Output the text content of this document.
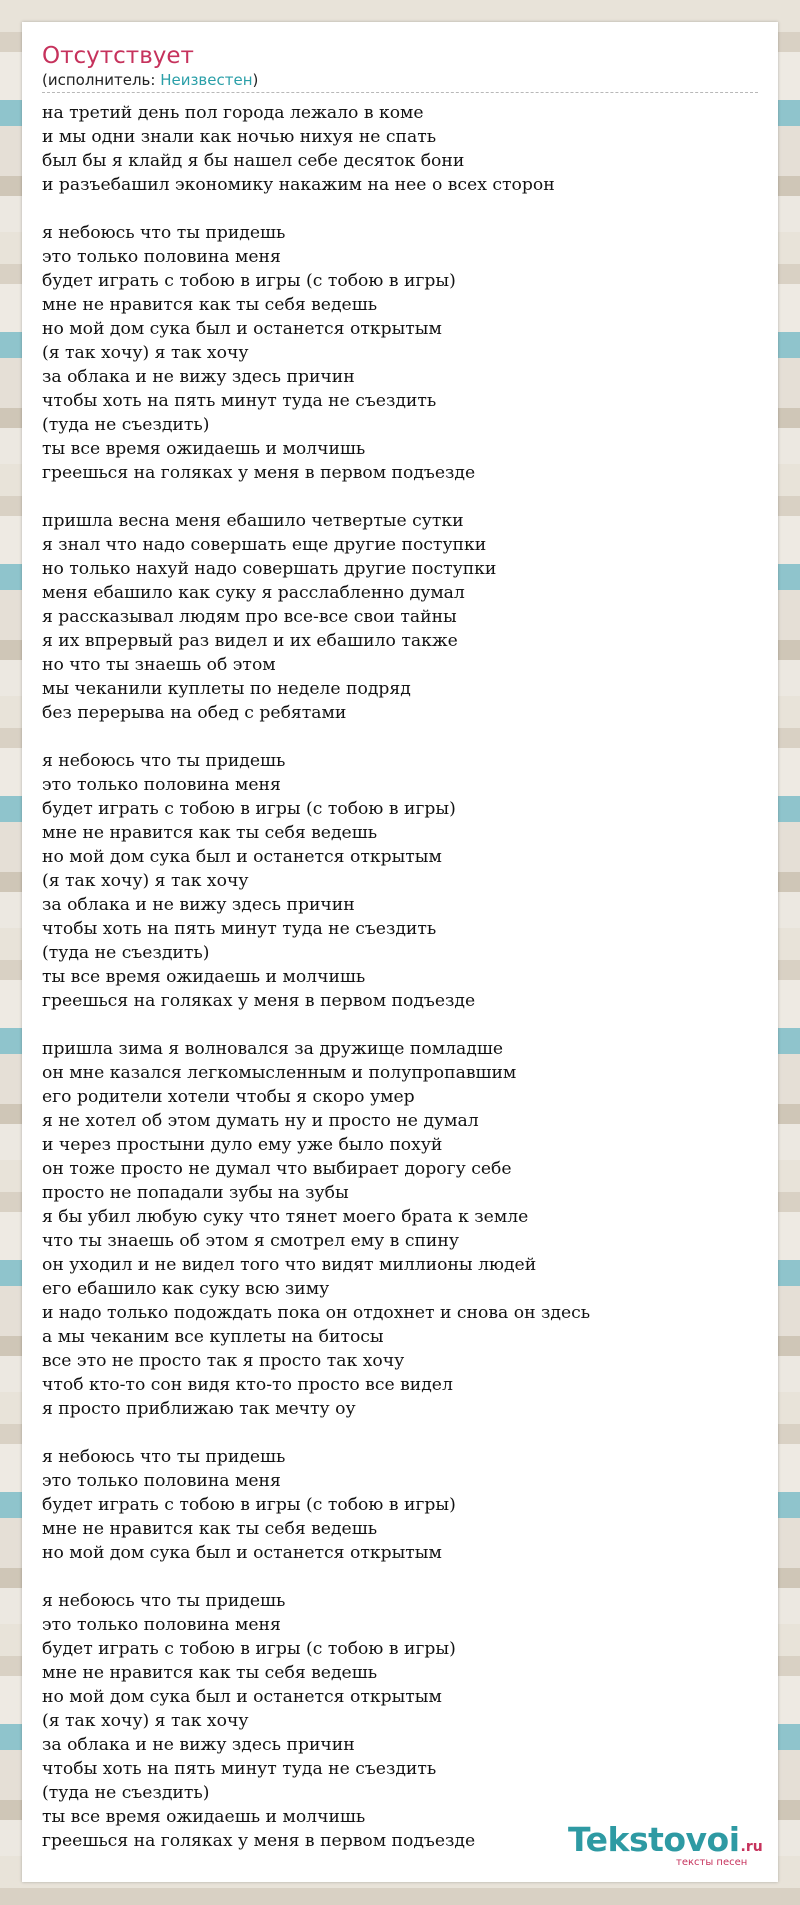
Отсутствует
(исполнитель: Неизвестен)
на третий день пол города лежало в коме
и мы одни знали как ночью нихуя не спать
был бы я клайд я бы нашел себе десяток бони
и разъебашил экономику накажим на нее о всех сторон
я небоюсь что ты придешь
это только половина меня
будет играть с тобою в игры (с тобою в игры)
мне не нравится как ты себя ведешь
но мой дом сука был и останется открытым
(я так хочу) я так хочу
за облака и не вижу здесь причин
чтобы хоть на пять минут туда не съездить
(туда не съездить)
ты все время ожидаешь и молчишь
греешься на голяках у меня в первом подъезде
пришла весна меня ебашило четвертые сутки
я знал что надо совершать еще другие поступки
но только нахуй надо совершать другие поступки
меня ебашило как суку я расслабленно думал
я рассказывал людям про все-все свои тайны
я их впрервый раз видел и их ебашило также
но что ты знаешь об этом
мы чеканили куплеты по неделе подряд
без перерыва на обед с ребятами
я небоюсь что ты придешь
это только половина меня
будет играть с тобою в игры (с тобою в игры)
мне не нравится как ты себя ведешь
но мой дом сука был и останется открытым
(я так хочу) я так хочу
за облака и не вижу здесь причин
чтобы хоть на пять минут туда не съездить
(туда не съездить)
ты все время ожидаешь и молчишь
греешься на голяках у меня в первом подъезде
пришла зима я волновался за дружище помладше
он мне казался легкомысленным и полупропавшим
его родители хотели чтобы я скоро умер
я не хотел об этом думать ну и просто не думал
и через простыни дуло ему уже было похуй
он тоже просто не думал что выбирает дорогу себе
просто не попадали зубы на зубы
я бы убил любую суку что тянет моего брата к земле
что ты знаешь об этом я смотрел ему в спину
он уходил и не видел того что видят миллионы людей
его ебашило как суку всю зиму
и надо только подождать пока он отдохнет и снова он здесь
а мы чеканим все куплеты на битосы
все это не просто так я просто так хочу
чтоб кто-то сон видя кто-то просто все видел
я просто приближаю так мечту оу
я небоюсь что ты придешь
это только половина меня
будет играть с тобою в игры (с тобою в игры)
мне не нравится как ты себя ведешь
но мой дом сука был и останется открытым
я небоюсь что ты придешь
это только половина меня
будет играть с тобою в игры (с тобою в игры)
мне не нравится как ты себя ведешь
но мой дом сука был и останется открытым
(я так хочу) я так хочу
за облака и не вижу здесь причин
чтобы хоть на пять минут туда не съездить
(туда не съездить)
ты все время ожидаешь и молчишь
греешься на голяках у меня в первом подъезде	Tekstovoi.ru
тексты песен
